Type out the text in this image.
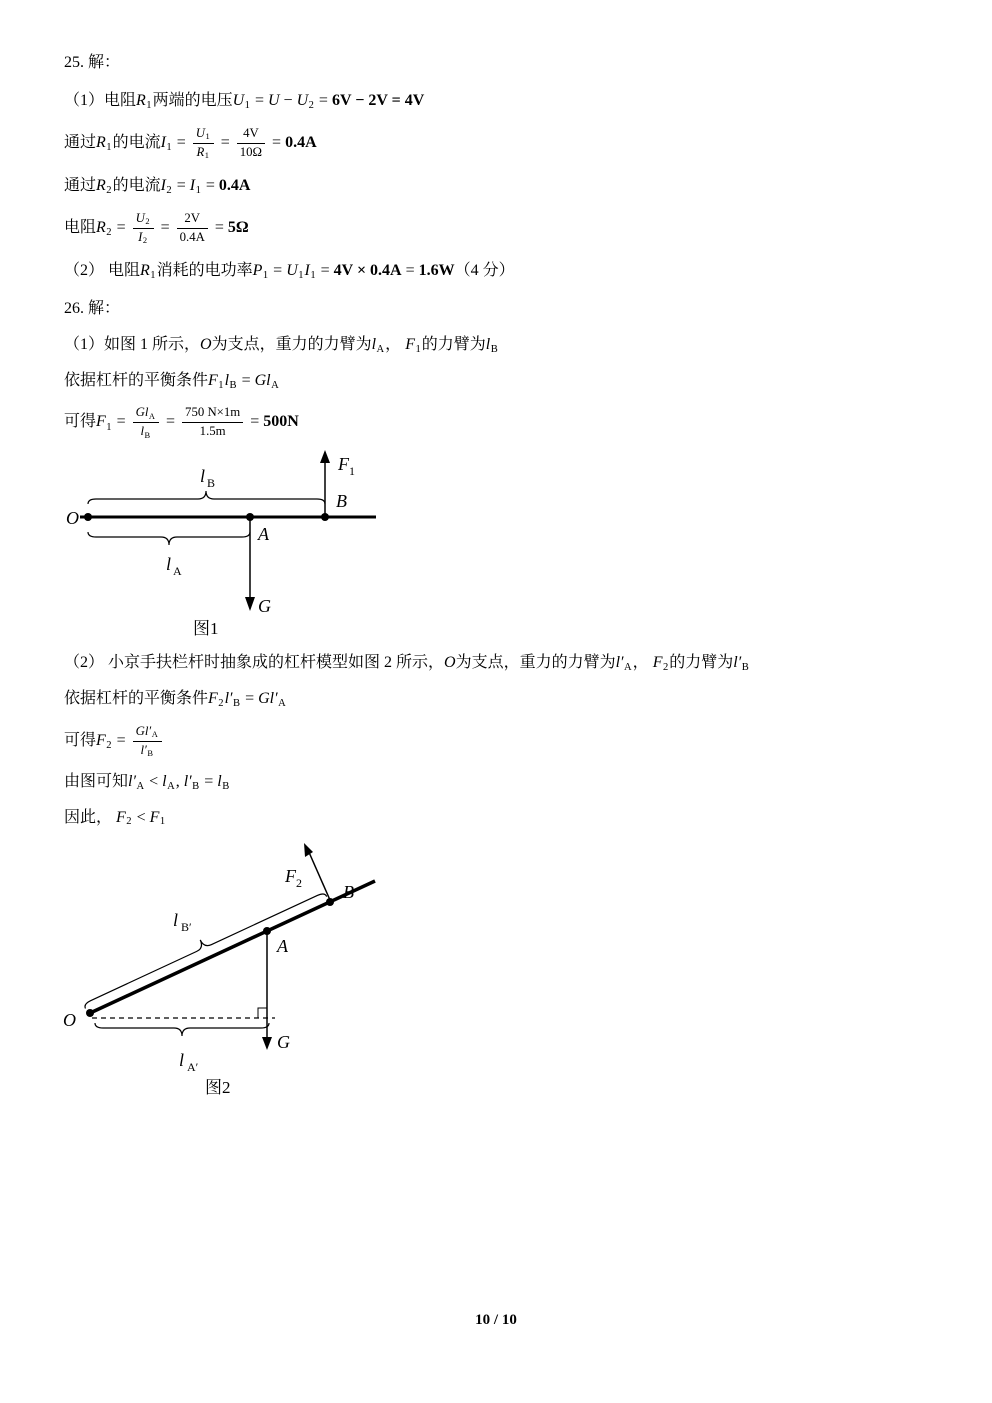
25. 解：
（1）电阻R1两端的电压U1 = U − U2 = 6V − 2V = 4V
通过R1的电流$I1 = \frac{U1}{R1} = \frac{4V}{10\Omega} = 0.4A$
通过R2的电流I2 = I1 = 0.4A
电阻$R2 = \frac{U2}{I2} = \frac{2V}{0.4A} = 5\Omega$
（2） 电阻R1消耗的电功率P1 = U1I1 = 4V × 0.4A = 1.6W（4 分）
26. 解：
（1）如图 1 所示，O为支点，重力的力臂为lA， F1的力臂为lB
依据杠杆的平衡条件F1lB = GlA
可得$F1 = \frac{\text{GlA}}{lB} = \frac{750 N\times 1m}{1.5m} = 500N$
O
A
B
F 1
G
l B
l A
图1
（2） 小京手扶栏杆时抽象成的杠杆模型如图 2 所示，O为支点，重力的力臂为l′A， F2的力臂为l′B
依据杠杆的平衡条件F2l′B = Gl′A
可得$F2 = \frac{Gl'A}{l'B}$
由图可知l′A < lA, l′B = lB
因此， F2 < F1
O
A
B
F 2
G
l B′
l A′
图2
10 / 10
